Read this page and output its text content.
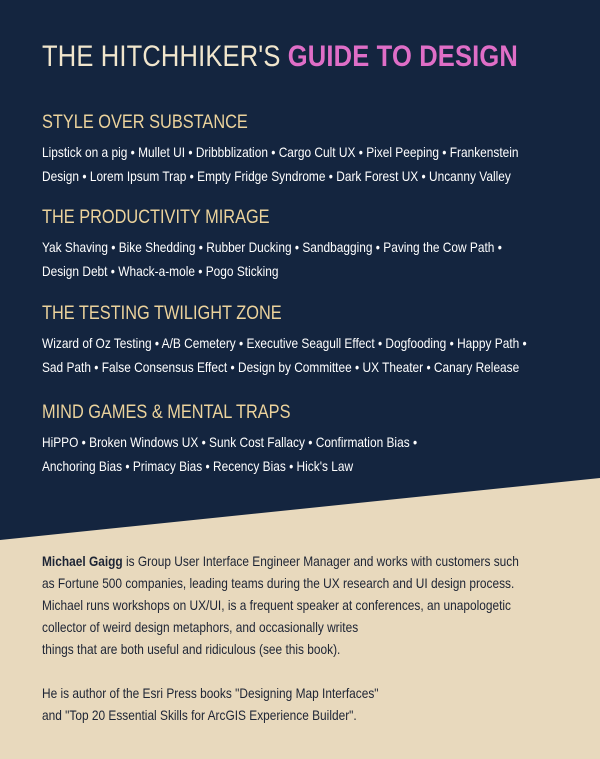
THE HITCHHIKER'S GUIDE TO DESIGN
STYLE OVER SUBSTANCE

Lipstick on a pig • Mullet UI • Dribbblization • Cargo Cult UX • Pixel Peeping • Frankenstein
Design • Lorem Ipsum Trap • Empty Fridge Syndrome • Dark Forest UX • Uncanny Valley

THE PRODUCTIVITY MIRAGE

Yak Shaving • Bike Shedding • Rubber Ducking • Sandbagging • Paving the Cow Path •
Design Debt • Whack-a-mole • Pogo Sticking

THE TESTING TWILIGHT ZONE

Wizard of Oz Testing • A/B Cemetery • Executive Seagull Effect • Dogfooding • Happy Path •
Sad Path • False Consensus Effect • Design by Committee • UX Theater • Canary Release

MIND GAMES & MENTAL TRAPS

HiPPO • Broken Windows UX • Sunk Cost Fallacy • Confirmation Bias •
Anchoring Bias • Primacy Bias • Recency Bias • Hick's Law

Michael Gaigg is Group User Interface Engineer Manager and works with customers such
as Fortune 500 companies, leading teams during the UX research and UI design process.
Michael runs workshops on UX/UI, is a frequent speaker at conferences, an unapologetic
collector of weird design metaphors, and occasionally writes
things that are both useful and ridiculous (see this book).

He is author of the Esri Press books "Designing Map Interfaces"
and "Top 20 Essential Skills for ArcGIS Experience Builder".
